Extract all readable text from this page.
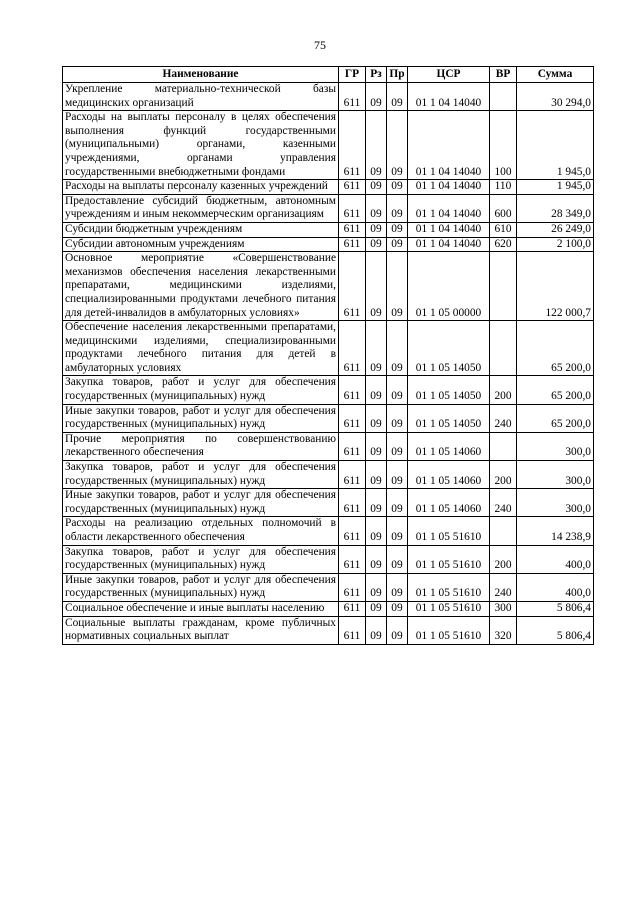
75
Наименование	ГР	Рз	Пр	ЦСР	ВР	Сумма
Укрепление материально-технической базы медицинских организаций	611	09	09	01 1 04 14040		30 294,0
Расходы на выплаты персоналу в целях обеспечения выполнения функций государственными (муниципальными) органами, казенными учреждениями, органами управления государственными внебюджетными фондами	611	09	09	01 1 04 14040	100	1 945,0
Расходы на выплаты персоналу казенных учреждений	611	09	09	01 1 04 14040	110	1 945,0
Предоставление субсидий бюджетным, автономным учреждениям и иным некоммерческим организациям	611	09	09	01 1 04 14040	600	28 349,0
Субсидии бюджетным учреждениям	611	09	09	01 1 04 14040	610	26 249,0
Субсидии автономным учреждениям	611	09	09	01 1 04 14040	620	2 100,0
Основное мероприятие «Совершенствование механизмов обеспечения населения лекарственными препаратами, медицинскими изделиями, специализированными продуктами лечебного питания для детей-инвалидов в амбулаторных условиях»	611	09	09	01 1 05 00000		122 000,7
Обеспечение населения лекарственными препаратами, медицинскими изделиями, специализированными продуктами лечебного питания для детей в амбулаторных условиях	611	09	09	01 1 05 14050		65 200,0
Закупка товаров, работ и услуг для обеспечения государственных (муниципальных) нужд	611	09	09	01 1 05 14050	200	65 200,0
Иные закупки товаров, работ и услуг для обеспечения государственных (муниципальных) нужд	611	09	09	01 1 05 14050	240	65 200,0
Прочие мероприятия по совершенствованию лекарственного обеспечения	611	09	09	01 1 05 14060		300,0
Закупка товаров, работ и услуг для обеспечения государственных (муниципальных) нужд	611	09	09	01 1 05 14060	200	300,0
Иные закупки товаров, работ и услуг для обеспечения государственных (муниципальных) нужд	611	09	09	01 1 05 14060	240	300,0
Расходы на реализацию отдельных полномочий в области лекарственного обеспечения	611	09	09	01 1 05 51610		14 238,9
Закупка товаров, работ и услуг для обеспечения государственных (муниципальных) нужд	611	09	09	01 1 05 51610	200	400,0
Иные закупки товаров, работ и услуг для обеспечения государственных (муниципальных) нужд	611	09	09	01 1 05 51610	240	400,0
Социальное обеспечение и иные выплаты населению	611	09	09	01 1 05 51610	300	5 806,4
Социальные выплаты гражданам, кроме публичных нормативных социальных выплат	611	09	09	01 1 05 51610	320	5 806,4
